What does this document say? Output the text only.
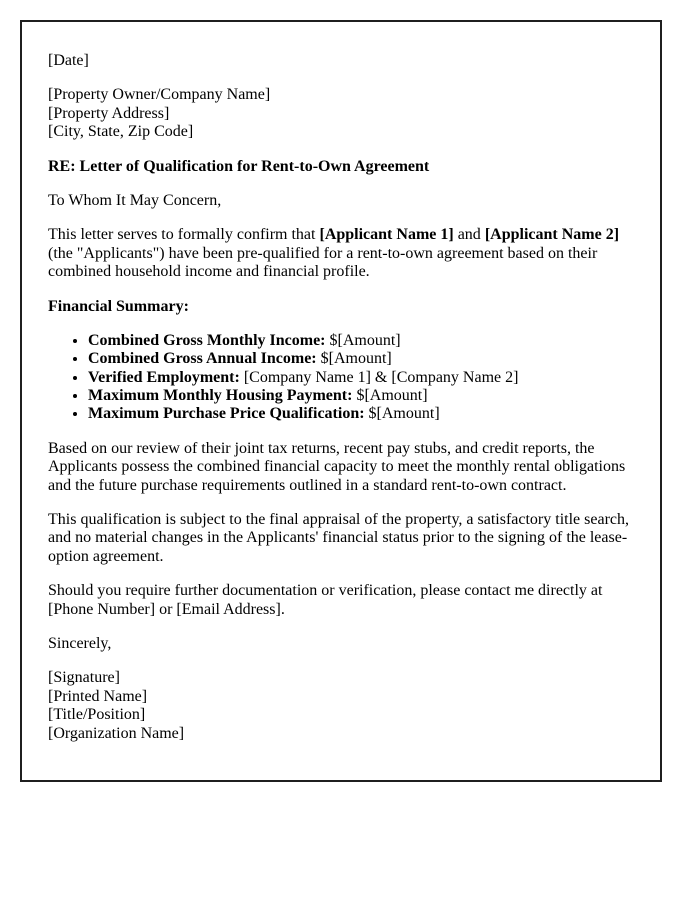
[Date]

[Property Owner/Company Name]
[Property Address]
[City, State, Zip Code]

RE: Letter of Qualification for Rent-to-Own Agreement

To Whom It May Concern,

This letter serves to formally confirm that [Applicant Name 1] and [Applicant Name 2] (the "Applicants") have been pre-qualified for a rent-to-own agreement based on their combined household income and financial profile.

Financial Summary:

• Combined Gross Monthly Income: $[Amount]
• Combined Gross Annual Income: $[Amount]
• Verified Employment: [Company Name 1] & [Company Name 2]
• Maximum Monthly Housing Payment: $[Amount]
• Maximum Purchase Price Qualification: $[Amount]

Based on our review of their joint tax returns, recent pay stubs, and credit reports, the Applicants possess the combined financial capacity to meet the monthly rental obligations and the future purchase requirements outlined in a standard rent-to-own contract.

This qualification is subject to the final appraisal of the property, a satisfactory title search, and no material changes in the Applicants' financial status prior to the signing of the lease-option agreement.

Should you require further documentation or verification, please contact me directly at [Phone Number] or [Email Address].

Sincerely,

[Signature]
[Printed Name]
[Title/Position]
[Organization Name]
